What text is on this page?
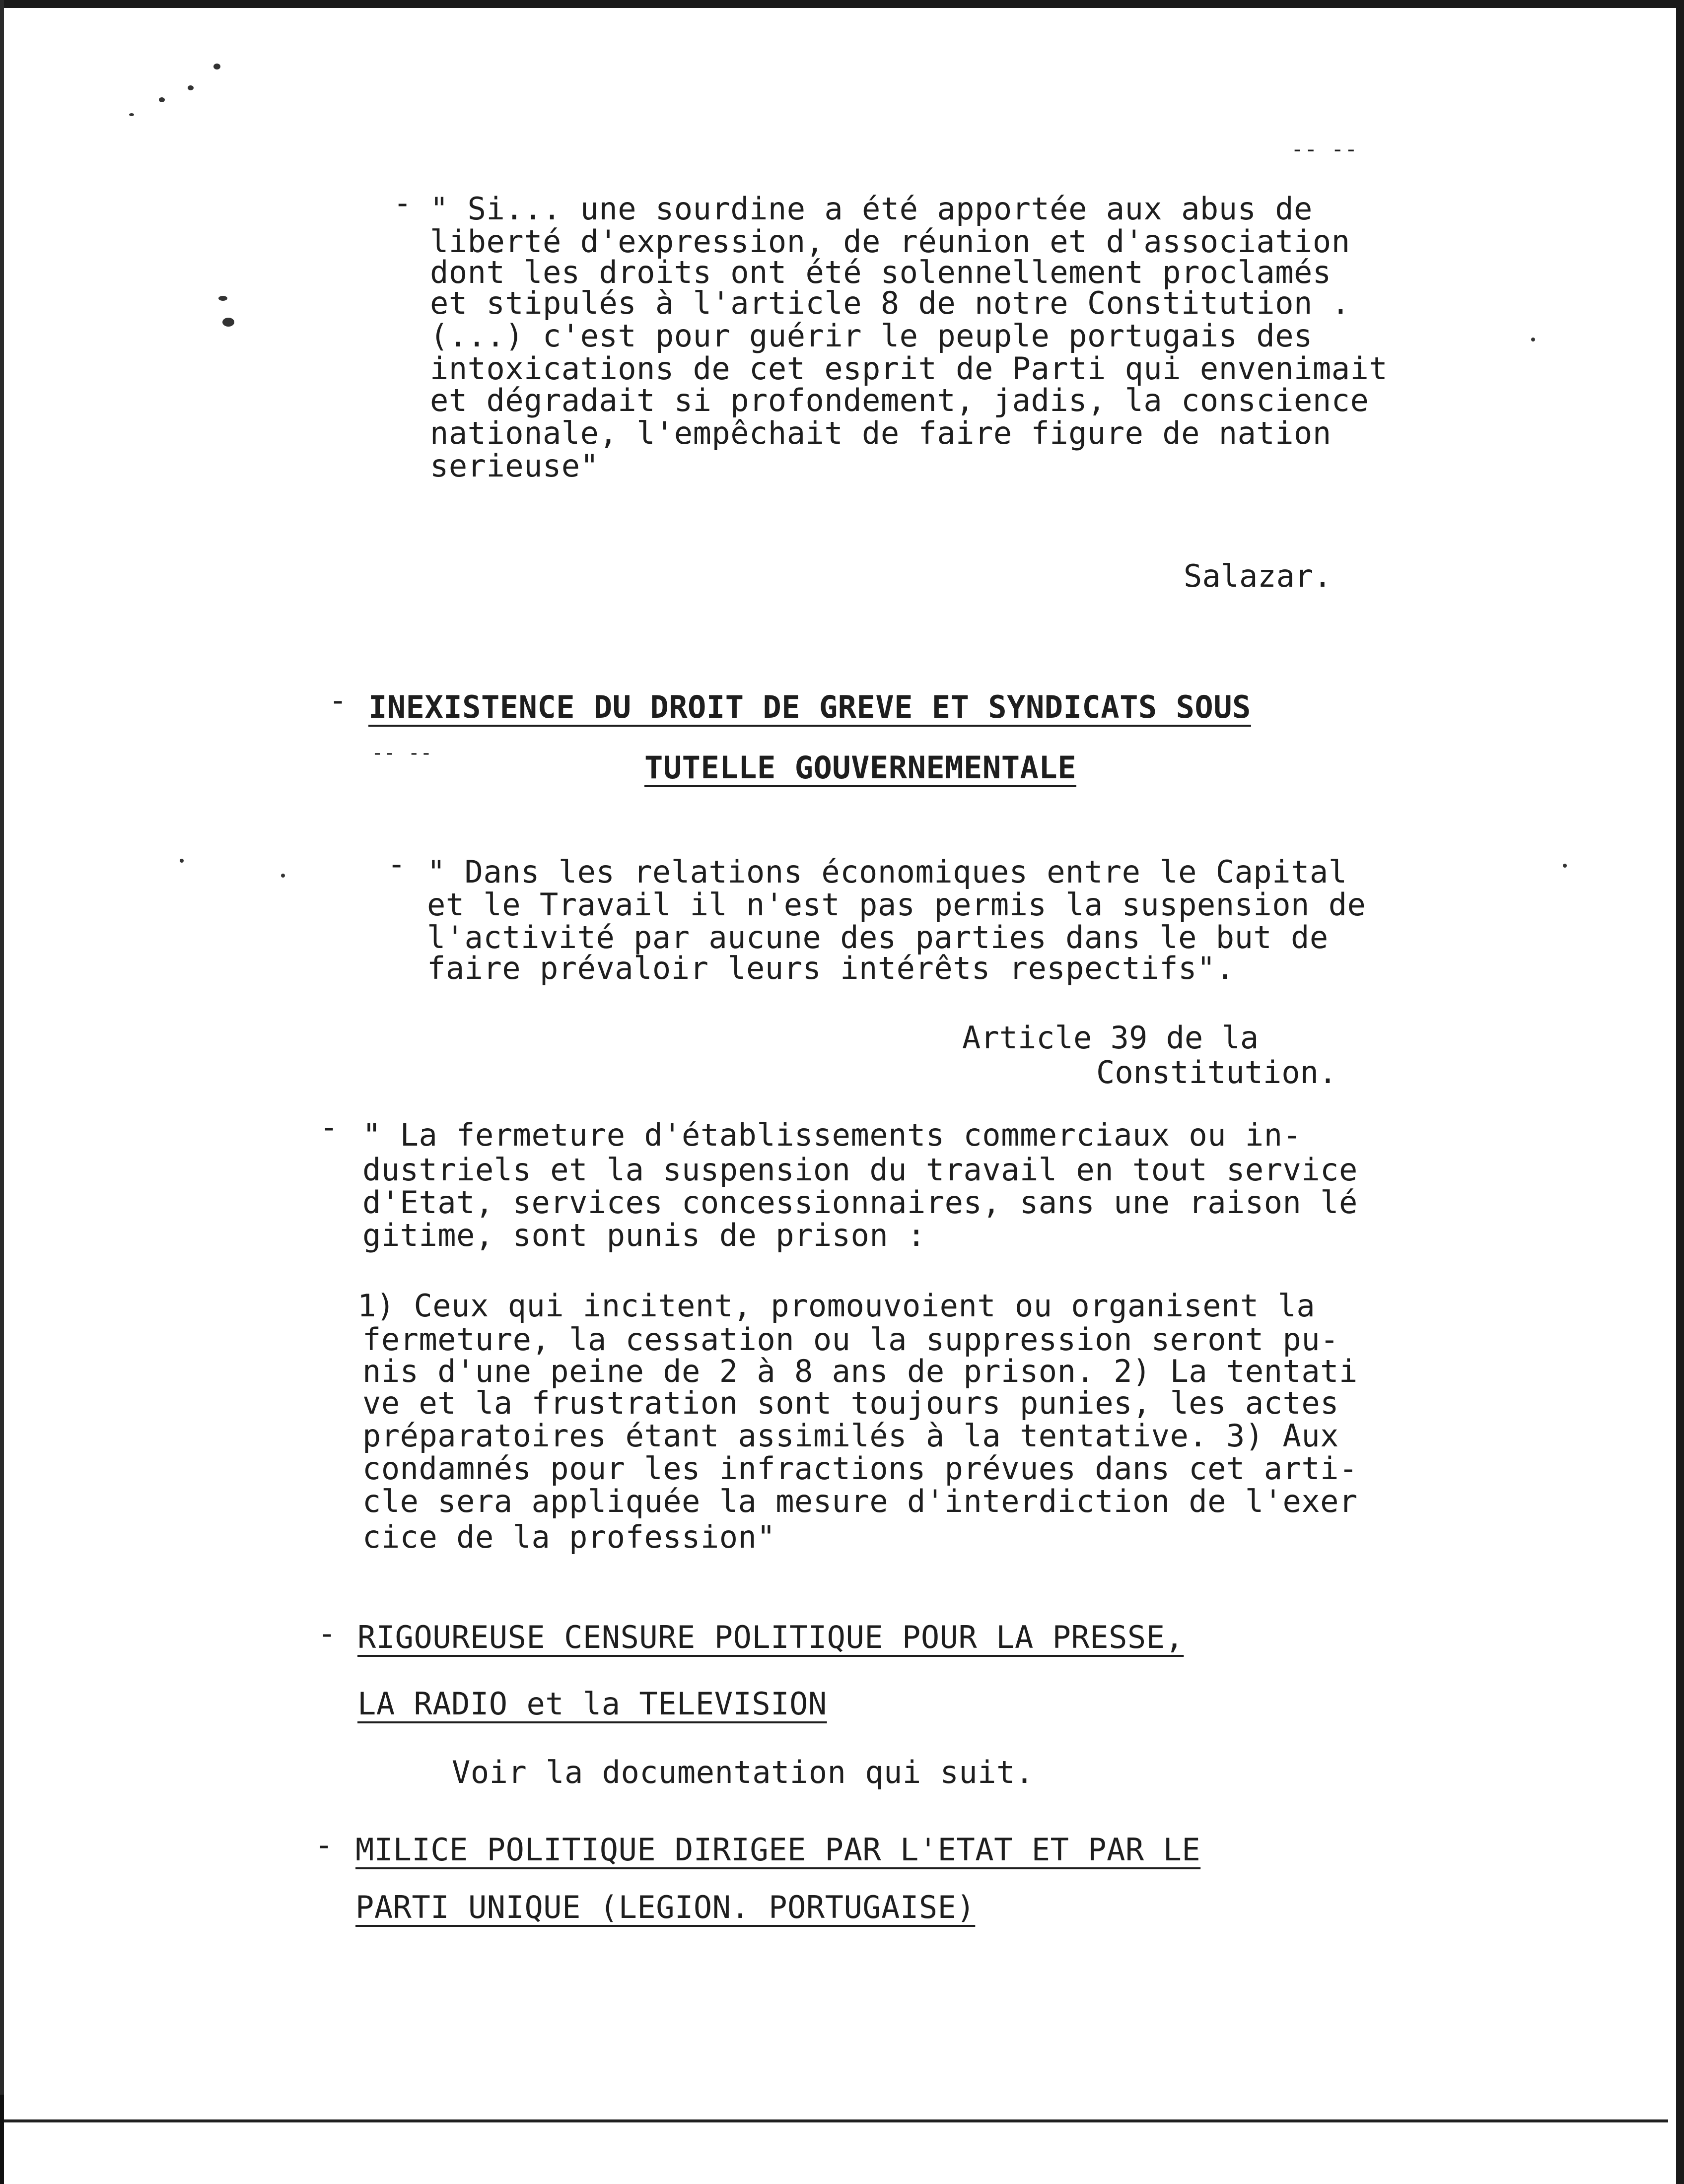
-- --
- " Si... une sourdine a été apportée aux abus de
liberté d'expression, de réunion et d'association
dont les droits ont été solennellement proclamés
et stipulés à l'article 8 de notre Constitution .
(...) c'est pour guérir le peuple portugais des
intoxications de cet esprit de Parti qui envenimait
et dégradait si profondement, jadis, la conscience
nationale, l'empêchait de faire figure de nation
serieuse"
Salazar.
- INEXISTENCE DU DROIT DE GREVE ET SYNDICATS SOUS
-- --	TUTELLE GOUVERNEMENTALE
- " Dans les relations économiques entre le Capital
et le Travail il n'est pas permis la suspension de
l'activité par aucune des parties dans le but de
faire prévaloir leurs intérêts respectifs".
Article 39 de la
Constitution.
- " La fermeture d'établissements commerciaux ou in-
dustriels et la suspension du travail en tout service
d'Etat, services concessionnaires, sans une raison lé
gitime, sont punis de prison :
1) Ceux qui incitent, promouvoient ou organisent la
fermeture, la cessation ou la suppression seront pu-
nis d'une peine de 2 à 8 ans de prison. 2) La tentati
ve et la frustration sont toujours punies, les actes
préparatoires étant assimilés à la tentative. 3) Aux
condamnés pour les infractions prévues dans cet arti-
cle sera appliquée la mesure d'interdiction de l'exer
cice de la profession"
- RIGOUREUSE CENSURE POLITIQUE POUR LA PRESSE,
LA RADIO et la TELEVISION
Voir la documentation qui suit.
- MILICE POLITIQUE DIRIGEE PAR L'ETAT ET PAR LE
PARTI UNIQUE (LEGION. PORTUGAISE)
